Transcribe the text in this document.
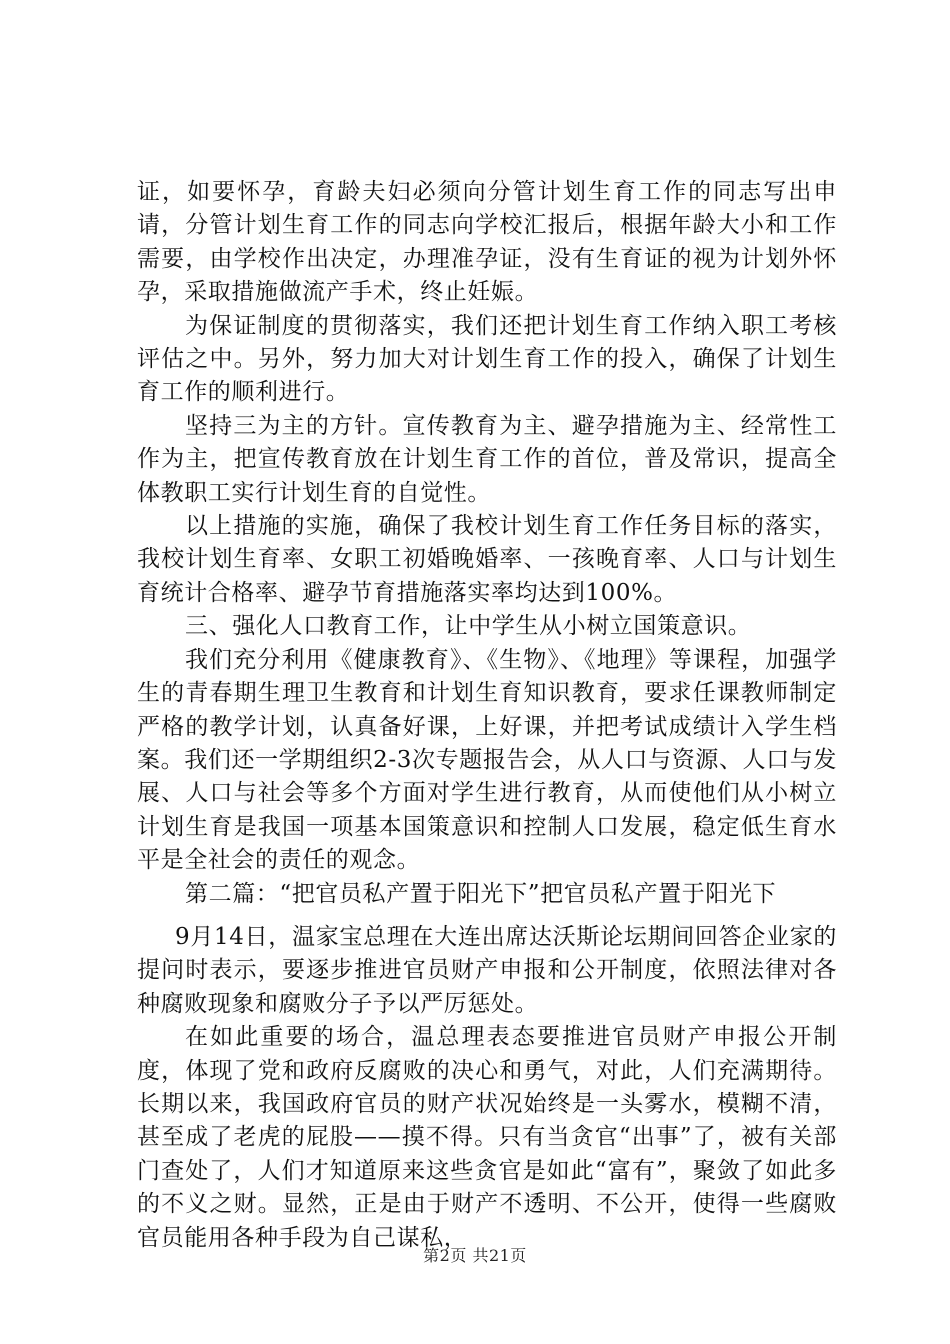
证，如要怀孕，育龄夫妇必须向分管计划生育工作的同志写出申请，分管计划生育工作的同志向学校汇报后，根据年龄大小和工作需要，由学校作出决定，办理准孕证，没有生育证的视为计划外怀孕，采取措施做流产手术，终止妊娠。

为保证制度的贯彻落实，我们还把计划生育工作纳入职工考核评估之中。另外，努力加大对计划生育工作的投入，确保了计划生育工作的顺利进行。

坚持三为主的方针。宣传教育为主、避孕措施为主、经常性工作为主，把宣传教育放在计划生育工作的首位，普及常识，提高全体教职工实行计划生育的自觉性。

以上措施的实施，确保了我校计划生育工作任务目标的落实，我校计划生育率、女职工初婚晚婚率、一孩晚育率、人口与计划生育统计合格率、避孕节育措施落实率均达到100%。

三、强化人口教育工作，让中学生从小树立国策意识。

我们充分利用《健康教育》、《生物》、《地理》等课程，加强学生的青春期生理卫生教育和计划生育知识教育，要求任课教师制定严格的教学计划，认真备好课，上好课，并把考试成绩计入学生档案。我们还一学期组织2-3次专题报告会，从人口与资源、人口与发展、人口与社会等多个方面对学生进行教育，从而使他们从小树立计划生育是我国一项基本国策意识和控制人口发展，稳定低生育水平是全社会的责任的观念。

第二篇：“把官员私产置于阳光下”把官员私产置于阳光下

9月14日，温家宝总理在大连出席达沃斯论坛期间回答企业家的提问时表示，要逐步推进官员财产申报和公开制度，依照法律对各种腐败现象和腐败分子予以严厉惩处。

在如此重要的场合，温总理表态要推进官员财产申报公开制度，体现了党和政府反腐败的决心和勇气，对此，人们充满期待。长期以来，我国政府官员的财产状况始终是一头雾水，模糊不清，甚至成了老虎的屁股——摸不得。只有当贪官“出事”了，被有关部门查处了，人们才知道原来这些贪官是如此“富有”，聚敛了如此多的不义之财。显然，正是由于财产不透明、不公开，使得一些腐败官员能用各种手段为自己谋私，

第2页 共21页
